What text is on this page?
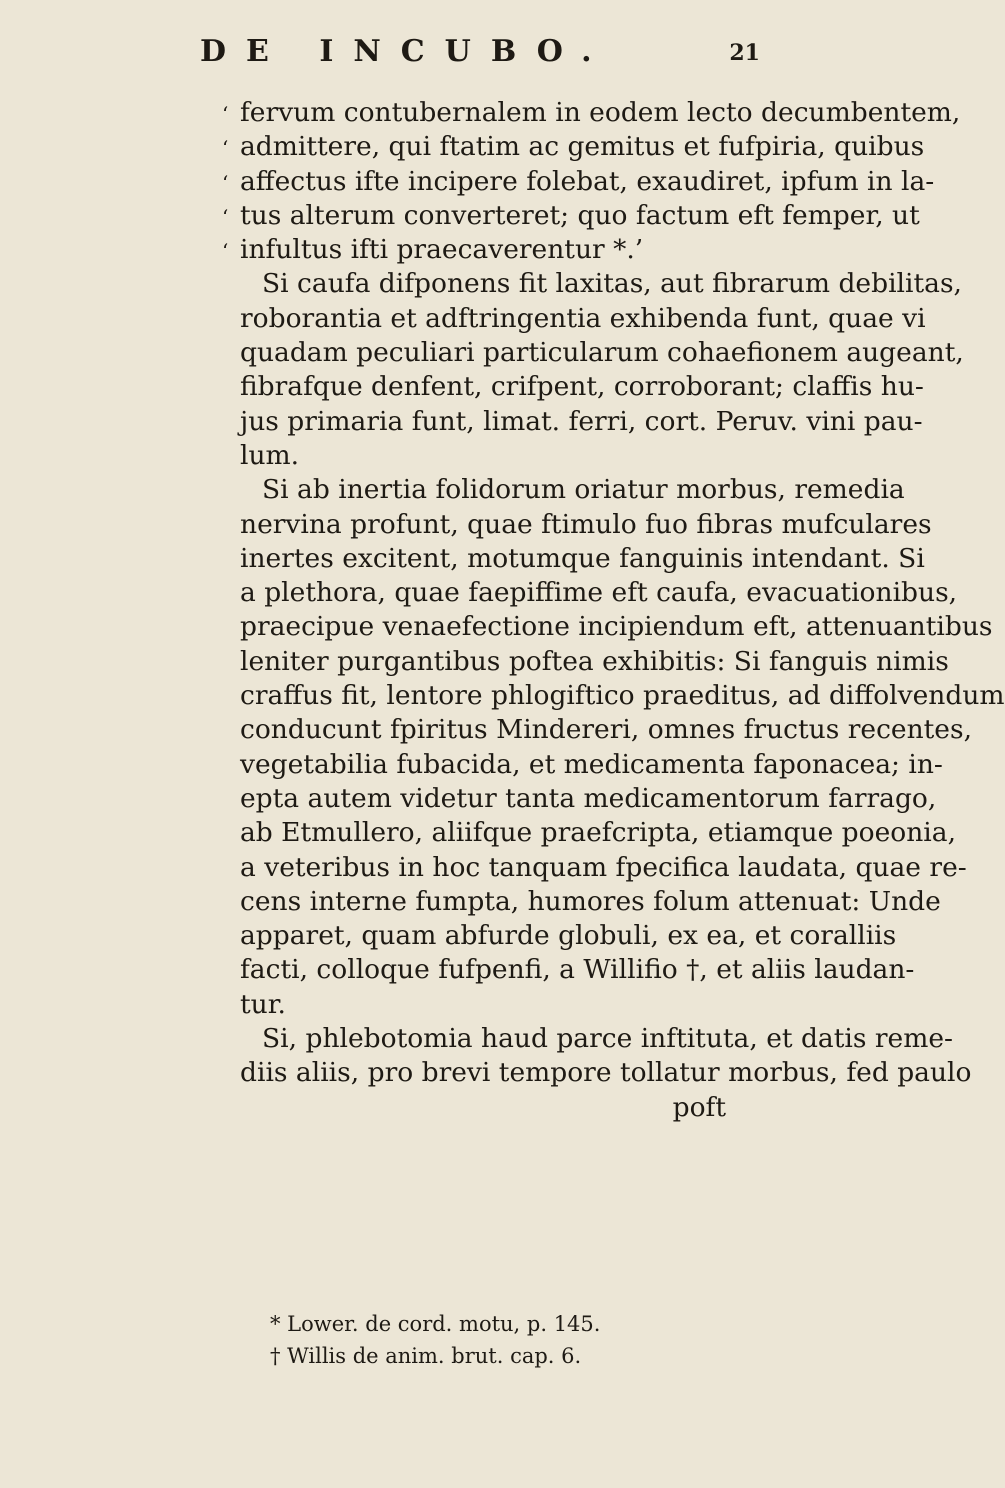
DE INCUBO.	21
‘ fervum contubernalem in eodem lecto decumbentem,
‘ admittere, qui ftatim ac gemitus et fufpiria, quibus
‘ affectus ifte incipere folebat, exaudiret, ipfum in la-
‘ tus alterum converteret; quo factum eft femper, ut
‘ infultus ifti praecaverentur *.’
Si caufa difponens fit laxitas, aut fibrarum debilitas,
roborantia et adftringentia exhibenda funt, quae vi
quadam peculiari particularum cohaefionem augeant,
fibrafque denfent, crifpent, corroborant; claffis hu-
jus primaria funt, limat. ferri, cort. Peruv. vini pau-
lum.
Si ab inertia folidorum oriatur morbus, remedia
nervina profunt, quae ftimulo fuo fibras mufculares
inertes excitent, motumque fanguinis intendant. Si
a plethora, quae faepiffime eft caufa, evacuationibus,
praecipue venaefectione incipiendum eft, attenuantibus
leniter purgantibus poftea exhibitis: Si fanguis nimis
craffus fit, lentore phlogiftico praeditus, ad diffolvendum
conducunt fpiritus Mindereri, omnes fructus recentes,
vegetabilia fubacida, et medicamenta faponacea; in-
epta autem videtur tanta medicamentorum farrago,
ab Etmullero, aliifque praefcripta, etiamque poeonia,
a veteribus in hoc tanquam fpecifica laudata, quae re-
cens interne fumpta, humores folum attenuat: Unde
apparet, quam abfurde globuli, ex ea, et coralliis
facti, colloque fufpenfi, a Willifio †, et aliis laudan-
tur.
Si, phlebotomia haud parce inftituta, et datis reme-
diis aliis, pro brevi tempore tollatur morbus, fed paulo
poft
* Lower. de cord. motu, p. 145.
† Willis de anim. brut. cap. 6.
